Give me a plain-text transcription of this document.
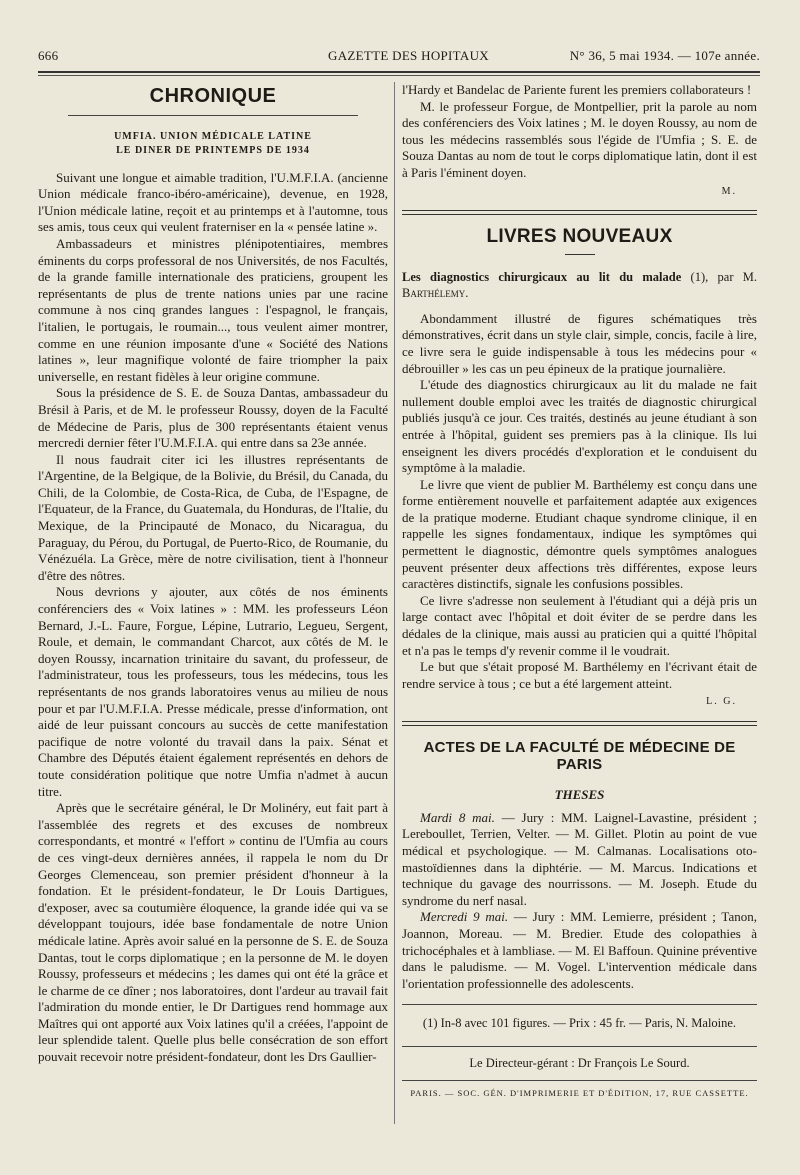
666	GAZETTE DES HOPITAUX	N° 36, 5 mai 1934. — 107e année.
CHRONIQUE
UMFIA. UNION MÉDICALE LATINE
LE DINER DE PRINTEMPS DE 1934

Suivant une longue et aimable tradition, l'U.M.F.I.A. (ancienne Union médicale franco-ibéro-américaine), devenue, en 1928, l'Union médicale latine, reçoit et au printemps et à l'automne, tous ses amis, tous ceux qui veulent fraterniser en la « pensée latine ».

Ambassadeurs et ministres plénipotentiaires, membres éminents du corps professoral de nos Universités, de nos Facultés, de la grande famille internationale des praticiens, groupent les représentants de plus de trente nations unies par une racine commune à nos cinq grandes langues : l'espagnol, le français, l'italien, le portugais, le roumain..., tous veulent aimer montrer, comme en une réunion imposante d'une « Société des Nations latines », leur magnifique volonté de faire triompher la paix universelle, en restant fidèles à leur origine commune.

Sous la présidence de S. E. de Souza Dantas, ambassadeur du Brésil à Paris, et de M. le professeur Roussy, doyen de la Faculté de Médecine de Paris, plus de 300 représentants étaient venus mercredi dernier fêter l'U.M.F.I.A. qui entre dans sa 23e année.

Il nous faudrait citer ici les illustres représentants de l'Argentine, de la Belgique, de la Bolivie, du Brésil, du Canada, du Chili, de la Colombie, de Costa-Rica, de Cuba, de l'Espagne, de l'Equateur, de la France, du Guatemala, du Honduras, de l'Italie, du Mexique, de la Principauté de Monaco, du Nicaragua, du Paraguay, du Pérou, du Portugal, de Puerto-Rico, de Roumanie, du Vénézuéla. La Grèce, mère de notre civilisation, tient à l'honneur d'être des nôtres.

Nous devrions y ajouter, aux côtés de nos éminents conférenciers des « Voix latines » : MM. les professeurs Léon Bernard, J.-L. Faure, Forgue, Lépine, Lutrario, Legueu, Sergent, Roule, et demain, le commandant Charcot, aux côtés de M. le doyen Roussy, incarnation trinitaire du savant, du professeur, de l'administrateur, tous les professeurs, tous les médecins, tous les représentants de nos grands laboratoires venus au milieu de nous pour et par l'U.M.F.I.A. Presse médicale, presse d'information, ont aidé de leur puissant concours au succès de cette manifestation pacifique de notre volonté du travail dans la paix. Sénat et Chambre des Députés étaient également représentés en dehors de toute considération politique que notre Umfia n'admet à aucun titre.

Après que le secrétaire général, le Dr Molinéry, eut fait part à l'assemblée des regrets et des excuses de nombreux correspondants, et montré « l'effort » continu de l'Umfia au cours de ces vingt-deux dernières années, il rappela le nom du Dr Georges Clemenceau, son premier président d'honneur à la fondation. Et le président-fondateur, le Dr Louis Dartigues, d'exposer, avec sa coutumière éloquence, la grande idée qui va se développant toujours, idée base fondamentale de notre Union médicale latine. Après avoir salué en la personne de S. E. de Souza Dantas, tout le corps diplomatique ; en la personne de M. le doyen Roussy, professeurs et médecins ; les dames qui ont été la grâce et le charme de ce dîner ; nos laboratoires, dont l'ardeur au travail fait l'admiration du monde entier, le Dr Dartigues rend hommage aux Maîtres qui ont apporté aux Voix latines qu'il a créées, l'appoint de leur splendide talent. Quelle plus belle consécration de son effort pouvait recevoir notre président-fondateur, dont les Drs Gaullier-

l'Hardy et Bandelac de Pariente furent les premiers collaborateurs !

M. le professeur Forgue, de Montpellier, prit la parole au nom des conférenciers des Voix latines ; M. le doyen Roussy, au nom de tous les médecins rassemblés sous l'égide de l'Umfia ; S. E. de Souza Dantas au nom de tout le corps diplomatique latin, dont il est à Paris l'éminent doyen.

M.
LIVRES NOUVEAUX

Les diagnostics chirurgicaux au lit du malade (1), par M. Barthélemy.

Abondamment illustré de figures schématiques très démonstratives, écrit dans un style clair, simple, concis, facile à lire, ce livre sera le guide indispensable à tous les médecins pour « débrouiller » les cas un peu épineux de la pratique journalière.

L'étude des diagnostics chirurgicaux au lit du malade ne fait nullement double emploi avec les traités de diagnostic chirurgical publiés jusqu'à ce jour. Ces traités, destinés au jeune étudiant à son entrée à l'hôpital, guident ses premiers pas à la clinique. Ils lui enseignent les divers procédés d'exploration et le conduisent du symptôme à la maladie.

Le livre que vient de publier M. Barthélemy est conçu dans une forme entièrement nouvelle et parfaitement adaptée aux exigences de la pratique moderne. Etudiant chaque syndrome clinique, il en rappelle les signes fondamentaux, indique les symptômes qui permettent le diagnostic, démontre quels symptômes analogues peuvent présenter deux affections très différentes, expose leurs caractères distinctifs, signale les confusions possibles.

Ce livre s'adresse non seulement à l'étudiant qui a déjà pris un large contact avec l'hôpital et doit éviter de se perdre dans les dédales de la clinique, mais aussi au praticien qui a quitté l'hôpital et n'a pas le temps d'y revenir comme il le voudrait.

Le but que s'était proposé M. Barthélemy en l'écrivant était de rendre service à tous ; ce but a été largement atteint.

L. G.
ACTES DE LA FACULTÉ DE MÉDECINE DE PARIS
THESES

Mardi 8 mai. — Jury : MM. Laignel-Lavastine, président ; Lereboullet, Terrien, Velter. — M. Gillet. Plotin au point de vue médical et psychologique. — M. Calmanas. Localisations oto-mastoïdiennes dans la diphtérie. — M. Marcus. Indications et technique du gavage des nourrissons. — M. Joseph. Etude du syndrome du nerf nasal.

Mercredi 9 mai. — Jury : MM. Lemierre, président ; Tanon, Joannon, Moreau. — M. Bredier. Etude des colopathies à trichocéphales et à lambliase. — M. El Baffoun. Quinine préventive dans le paludisme. — M. Vogel. L'intervention médicale dans l'orientation professionnelle des adolescents.

(1) In-8 avec 101 figures. — Prix : 45 fr. — Paris, N. Maloine.
Le Directeur-gérant : Dr François Le Sourd.
PARIS. — SOC. GÉN. D'IMPRIMERIE ET D'ÉDITION, 17, RUE CASSETTE.
